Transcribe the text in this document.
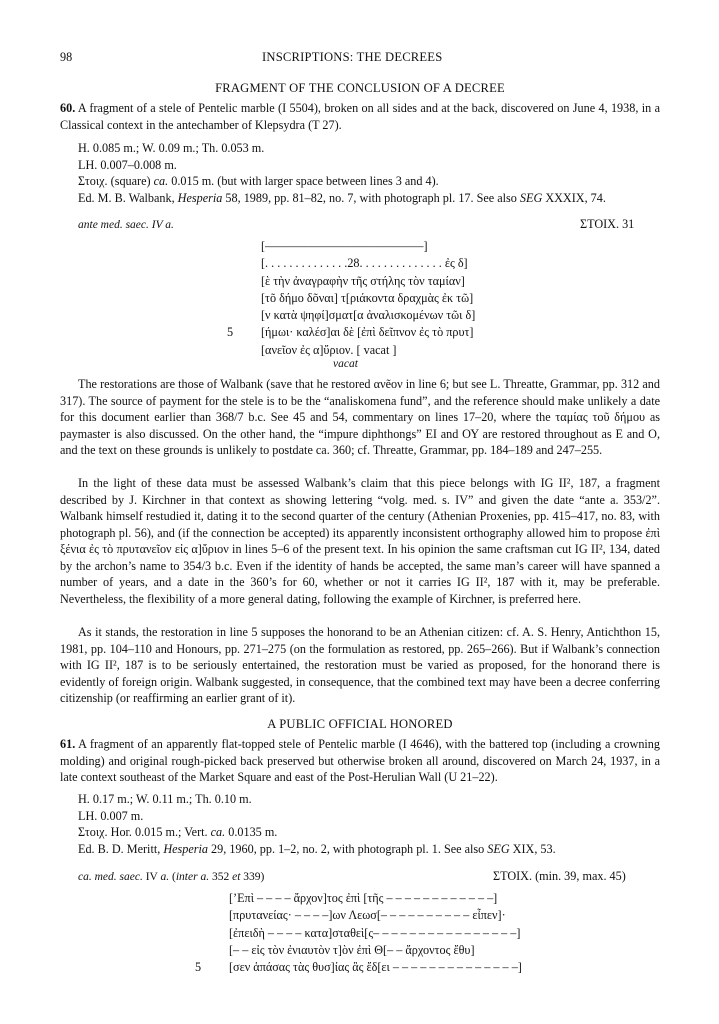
98	INSCRIPTIONS: THE DECREES
FRAGMENT OF THE CONCLUSION OF A DECREE

60. A fragment of a stele of Pentelic marble (I 5504), broken on all sides and at the back, discovered on June 4, 1938, in a Classical context in the antechamber of Klepsydra (T 27).

H. 0.085 m.; W. 0.09 m.; Th. 0.053 m.
LH. 0.007–0.008 m.
Στοιχ. (square) ca. 0.015 m. (but with larger space between lines 3 and 4).
Ed. M. B. Walbank, Hesperia 58, 1989, pp. 81–82, no. 7, with photograph pl. 17. See also SEG XXXIX, 74.
ante med. saec. IV a.	ΣΤΟΙΧ. 31
[––––––––––––––––––––––––––]
[. . . . . . . . . . . . . .28. . . . . . . . . . . . . . ἐς δ]
[ὲ τὴν ἀναγραφὴν τῆς στήλης τὸν ταμίαν]
[τõ δήμο δõναι] τ[ριάκοντα δραχμὰς ἐκ τῶ]
[ν κατὰ ψηφί]σματ[α ἀναλισκομένων τῶι δ]
5 [ήμωι· καλέσ]αι δὲ [ἐπὶ δεῖπνον ἐς τὸ πρυτ]
[ανεῖον ἐς α]ὔριον. [ vacat ]
vacat

The restorations are those of Walbank (save that he restored ανẽον in line 6; but see L. Threatte, Grammar, pp. 312 and 317). The source of payment for the stele is to be the “analiskomena fund”, and the reference should make unlikely a date for this document earlier than 368/7 b.c. See 45 and 54, commentary on lines 17–20, where the ταμίας τοῦ δήμου as paymaster is also discussed. On the other hand, the “impure diphthongs” ΕΙ and ΟΥ are restored throughout as Ε and Ο, and the text on these grounds is unlikely to postdate ca. 360; cf. Threatte, Grammar, pp. 184–189 and 247–255.

In the light of these data must be assessed Walbank’s claim that this piece belongs with IG II², 187, a fragment described by J. Kirchner in that context as showing lettering “volg. med. s. IV” and given the date “ante a. 353/2”. Walbank himself restudied it, dating it to the second quarter of the century (Athenian Proxenies, pp. 415–417, no. 83, with photograph pl. 56), and (if the connection be accepted) its apparently inconsistent orthography allowed him to propose ἐπὶ ξένια ἐς τὸ πρυτανεῖον εἰς α]ὔριον in lines 5–6 of the present text. In his opinion the same craftsman cut IG II², 134, dated by the archon’s name to 354/3 b.c. Even if the identity of hands be accepted, the same man’s career will have spanned a number of years, and a date in the 360’s for 60, whether or not it carries IG II², 187 with it, may be preferable. Nevertheless, the flexibility of a more general dating, following the example of Kirchner, is preferred here.

As it stands, the restoration in line 5 supposes the honorand to be an Athenian citizen: cf. A. S. Henry, Antichthon 15, 1981, pp. 104–110 and Honours, pp. 271–275 (on the formulation as restored, pp. 265–266). But if Walbank’s connection with IG II², 187 is to be seriously entertained, the restoration must be varied as proposed, for the honorand there is evidently of foreign origin. Walbank suggested, in consequence, that the combined text may have been a decree conferring citizenship (or reaffirming an earlier grant of it).

A PUBLIC OFFICIAL HONORED

61. A fragment of an apparently flat-topped stele of Pentelic marble (I 4646), with the battered top (including a crowning molding) and original rough-picked back preserved but otherwise broken all around, discovered on March 24, 1937, in a late context southeast of the Market Square and east of the Post-Herulian Wall (U 21–22).

H. 0.17 m.; W. 0.11 m.; Th. 0.10 m.
LH. 0.007 m.
Στοιχ. Hor. 0.015 m.; Vert. ca. 0.0135 m.
Ed. B. D. Meritt, Hesperia 29, 1960, pp. 1–2, no. 2, with photograph pl. 1. See also SEG XIX, 53.
ca. med. saec. IV a. (inter a. 352 et 339)	ΣΤΟΙΧ. (min. 39, max. 45)
[’Επὶ – – – – ἄρχον]τος ἐπὶ [τῆς – – – – – – – – – – – –]
[πρυτανείας· – – – –]ων Λεωσ[– – – – – – – – – – εἶπεν]·
[ἐπειδὴ – – – – κατα]σταθεὶ[ς– – – – – – – – – – – – – – – –]
[– – εἰς τὸν ἐνιαυτὸν τ]ὸν ἐπὶ Θ[– – ἄρχοντος ἔθυ]
5 [σεν ἁπάσας τὰς θυσ]ίας ἃς ἔδ[ει – – – – – – – – – – – – – –]
